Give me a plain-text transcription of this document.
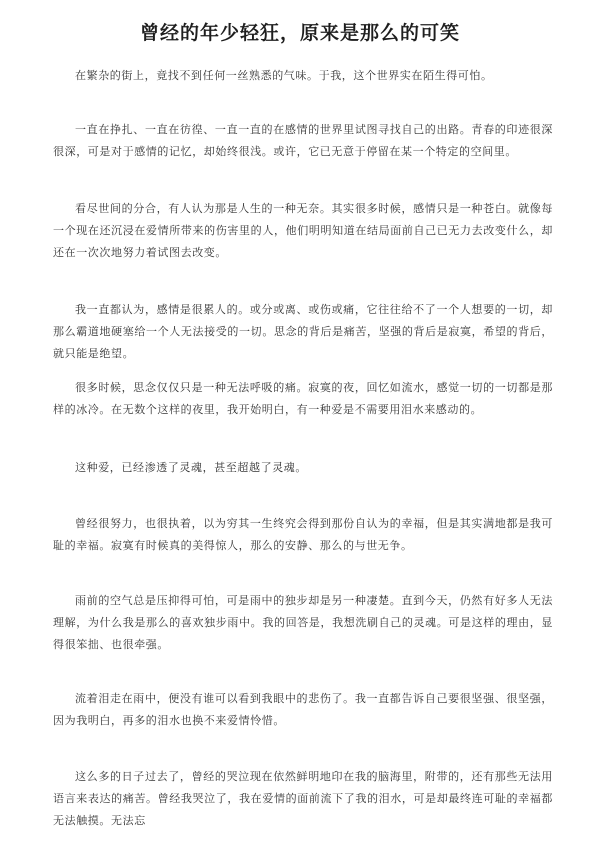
曾经的年少轻狂，原来是那么的可笑

在繁杂的街上，竟找不到任何一丝熟悉的气味。于我，这个世界实在陌生得可怕。

一直在挣扎、一直在彷徨、一直一直的在感情的世界里试图寻找自己的出路。青春的印迹很深很深，可是对于感情的记忆，却始终很浅。或许，它已无意于停留在某一个特定的空间里。

看尽世间的分合，有人认为那是人生的一种无奈。其实很多时候，感情只是一种苍白。就像每一个现在还沉浸在爱情所带来的伤害里的人，他们明明知道在结局面前自己已无力去改变什么，却还在一次次地努力着试图去改变。

我一直都认为，感情是很累人的。或分或离、或伤或痛，它往往给不了一个人想要的一切，却那么霸道地硬塞给一个人无法接受的一切。思念的背后是痛苦，坚强的背后是寂寞，希望的背后，就只能是绝望。

很多时候，思念仅仅只是一种无法呼吸的痛。寂寞的夜，回忆如流水，感觉一切的一切都是那样的冰冷。在无数个这样的夜里，我开始明白，有一种爱是不需要用泪水来感动的。

这种爱，已经渗透了灵魂，甚至超越了灵魂。

曾经很努力，也很执着，以为穷其一生终究会得到那份自认为的幸福，但是其实满地都是我可耻的幸福。寂寞有时候真的美得惊人，那么的安静、那么的与世无争。

雨前的空气总是压抑得可怕，可是雨中的独步却是另一种凄楚。直到今天，仍然有好多人无法理解，为什么我是那么的喜欢独步雨中。我的回答是，我想洗刷自己的灵魂。可是这样的理由，显得很笨拙、也很牵强。

流着泪走在雨中，便没有谁可以看到我眼中的悲伤了。我一直都告诉自己要很坚强、很坚强，因为我明白，再多的泪水也换不来爱情怜惜。

这么多的日子过去了，曾经的哭泣现在依然鲜明地印在我的脑海里，附带的，还有那些无法用语言来表达的痛苦。曾经我哭泣了，我在爱情的面前流下了我的泪水，可是却最终连可耻的幸福都无法触摸。无法忘
